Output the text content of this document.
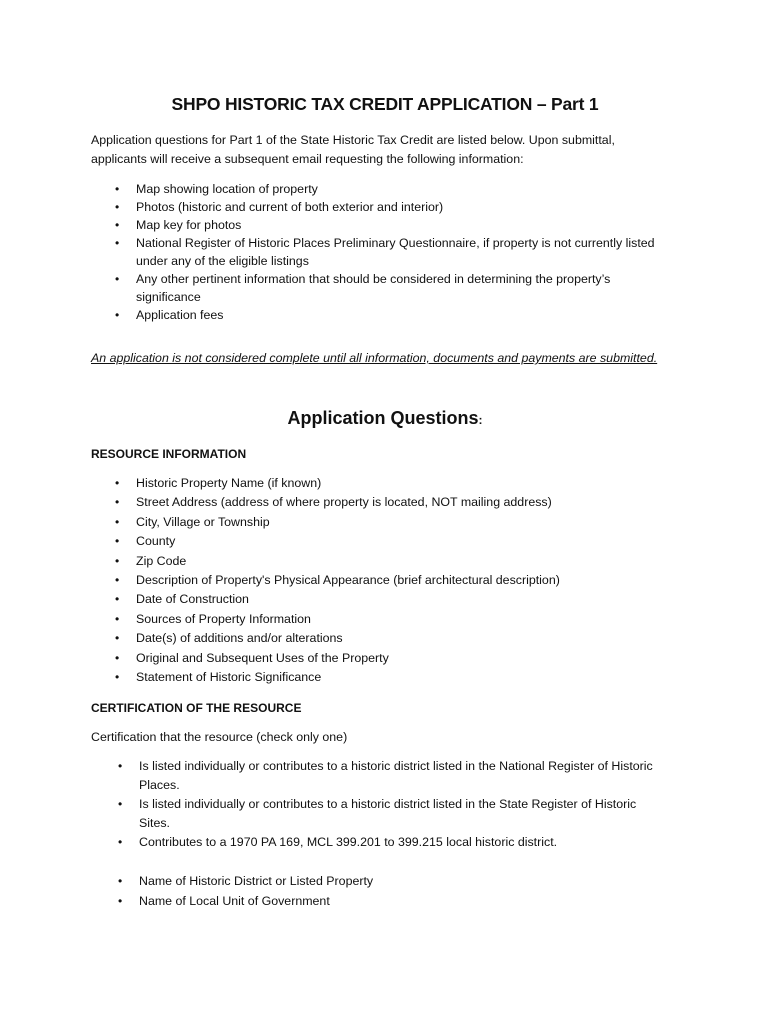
SHPO HISTORIC TAX CREDIT APPLICATION – Part 1
Application questions for Part 1 of the State Historic Tax Credit are listed below. Upon submittal,
applicants will receive a subsequent email requesting the following information:
• Map showing location of property
• Photos (historic and current of both exterior and interior)
• Map key for photos
• National Register of Historic Places Preliminary Questionnaire, if property is not currently listed
under any of the eligible listings
• Any other pertinent information that should be considered in determining the property’s
significance
• Application fees
An application is not considered complete until all information, documents and payments are submitted.
Application Questions:
RESOURCE INFORMATION
• Historic Property Name (if known)
• Street Address (address of where property is located, NOT mailing address)
• City, Village or Township
• County
• Zip Code
• Description of Property's Physical Appearance (brief architectural description)
• Date of Construction
• Sources of Property Information
• Date(s) of additions and/or alterations
• Original and Subsequent Uses of the Property
• Statement of Historic Significance
CERTIFICATION OF THE RESOURCE
Certification that the resource (check only one)
• Is listed individually or contributes to a historic district listed in the National Register of Historic
Places.
• Is listed individually or contributes to a historic district listed in the State Register of Historic
Sites.
• Contributes to a 1970 PA 169, MCL 399.201 to 399.215 local historic district.
• Name of Historic District or Listed Property
• Name of Local Unit of Government
